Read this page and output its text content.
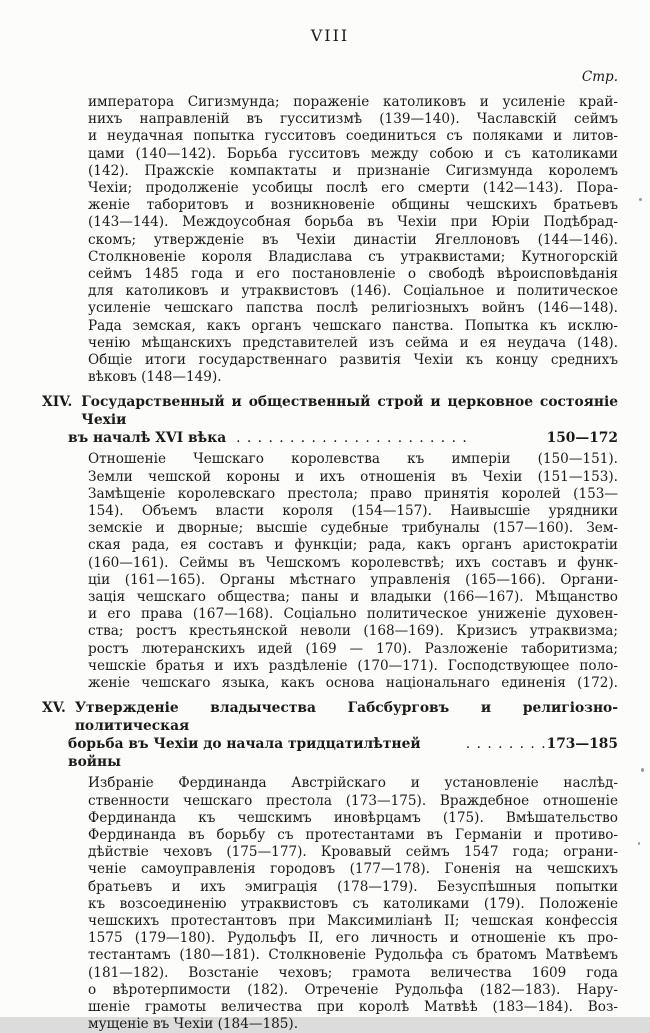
VIII
Стр.
императора Сигизмунда; пораженіе католиковъ и усиленіе край-
нихъ направленій въ гусситизмѣ (139—140). Чаславскій сеймъ
и неудачная попытка гусситовъ соединиться съ поляками и литов-
цами (140—142). Борьба гусситовъ между собою и съ католиками
(142). Пражскіе компактаты и признаніе Сигизмунда королемъ
Чехіи; продолженіе усобицы послѣ его смерти (142—143). Пора-
женіе таборитовъ и возникновеніе общины чешскихъ братьевъ
(143—144). Междоусобная борьба въ Чехіи при Юріи Подѣбрад-
скомъ; утвержденіе въ Чехіи династіи Ягеллоновъ (144—146).
Столкновеніе короля Владислава съ утраквистами; Кутногорскій
сеймъ 1485 года и его постановленіе о свободѣ вѣроисповѣданія
для католиковъ и утраквистовъ (146). Соціальное и политическое
усиленіе чешскаго папства послѣ религіозныхъ войнъ (146—148).
Рада земская, какъ органъ чешскаго панства. Попытка къ исклю-
ченію мѣщанскихъ представителей изъ сейма и ея неудача (148).
Общіе итоги государственнаго развитія Чехіи къ концу среднихъ
вѣковъ (148—149).
XIV. Государственный и общественный строй и церковное состояніе Чехіи
въ началѣ XVI вѣка . . . . . . . . . . . . . . . . . . . . . .	150—172
Отношеніе Чешскаго королевства къ имперіи (150—151).
Земли чешской короны и ихъ отношенія въ Чехіи (151—153).
Замѣщеніе королевскаго престола; право принятія королей (153—
154). Объемъ власти короля (154—157). Наивысшіе урядники
земскіе и дворные; высшіе судебные трибуналы (157—160). Зем-
ская рада, ея составъ и функціи; рада, какъ органъ аристократіи
(160—161). Сеймы въ Чешскомъ королевствѣ; ихъ составъ и функ-
ціи (161—165). Органы мѣстнаго управленія (165—166). Органи-
зація чешскаго общества; паны и владыки (166—167). Мѣщанство
и его права (167—168). Соціально политическое униженіе духовен-
ства; ростъ крестьянской неволи (168—169). Кризисъ утраквизма;
ростъ лютеранскихъ идей (169 — 170). Разложеніе таборитизма;
чешскіе братья и ихъ раздѣленіе (170—171). Господствующее поло-
женіе чешскаго языка, какъ основа національнаго единенія (172).
XV. Утвержденіе владычества Габсбурговъ и религіозно-политическая
борьба въ Чехіи до начала тридцатилѣтней войны
. . . . . . . . 173—185
Избраніе Фердинанда Австрійскаго и установленіе наслѣд-
ственности чешскаго престола (173—175). Враждебное отношеніе
Фердинанда къ чешскимъ иновѣрцамъ (175). Вмѣшательство
Фердинанда въ борьбу съ протестантами въ Германіи и противо-
дѣйствіе чеховъ (175—177). Кровавый сеймъ 1547 года; ограни-
ченіе самоуправленія городовъ (177—178). Гоненія на чешскихъ
братьевъ и ихъ эмиграція (178—179). Безуспѣшныя попытки
къ возсоединенію утраквистовъ съ католиками (179). Положеніе
чешскихъ протестантовъ при Максимиліанѣ II; чешская конфессія
1575 (179—180). Рудольфъ II, его личность и отношеніе къ про-
тестантамъ (180—181). Столкновеніе Рудольфа съ братомъ Матвѣемъ
(181—182). Возстаніе чеховъ; грамота величества 1609 года
о вѣротерпимости (182). Отреченіе Рудольфа (182—183). Нару-
шеніе грамоты величества при королѣ Матвѣѣ (183—184). Воз-
мущеніе въ Чехіи (184—185).
